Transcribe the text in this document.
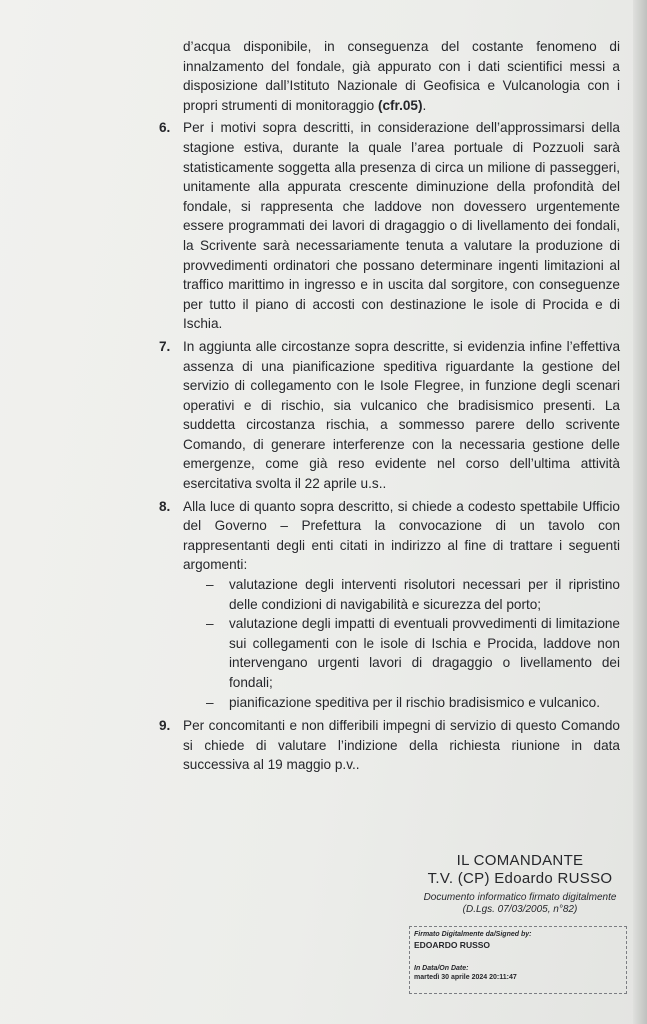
d’acqua disponibile, in conseguenza del costante fenomeno di innalzamento del fondale, già appurato con i dati scientifici messi a disposizione dall’Istituto Nazionale di Geofisica e Vulcanologia con i propri strumenti di monitoraggio (cfr.05).

6. Per i motivi sopra descritti, in considerazione dell’approssimarsi della stagione estiva, durante la quale l’area portuale di Pozzuoli sarà statisticamente soggetta alla presenza di circa un milione di passeggeri, unitamente alla appurata crescente diminuzione della profondità del fondale, si rappresenta che laddove non dovessero urgentemente essere programmati dei lavori di dragaggio o di livellamento dei fondali, la Scrivente sarà necessariamente tenuta a valutare la produzione di provvedimenti ordinatori che possano determinare ingenti limitazioni al traffico marittimo in ingresso e in uscita dal sorgitore, con conseguenze per tutto il piano di accosti con destinazione le isole di Procida e di Ischia.

7. In aggiunta alle circostanze sopra descritte, si evidenzia infine l’effettiva assenza di una pianificazione speditiva riguardante la gestione del servizio di collegamento con le Isole Flegree, in funzione degli scenari operativi e di rischio, sia vulcanico che bradisismico presenti. La suddetta circostanza rischia, a sommesso parere dello scrivente Comando, di generare interferenze con la necessaria gestione delle emergenze, come già reso evidente nel corso dell’ultima attività esercitativa svolta il 22 aprile u.s..

8. Alla luce di quanto sopra descritto, si chiede a codesto spettabile Ufficio del Governo – Prefettura la convocazione di un tavolo con rappresentanti degli enti citati in indirizzo al fine di trattare i seguenti argomenti:

– valutazione degli interventi risolutori necessari per il ripristino delle condizioni di navigabilità e sicurezza del porto;
– valutazione degli impatti di eventuali provvedimenti di limitazione sui collegamenti con le isole di Ischia e Procida, laddove non intervengano urgenti lavori di dragaggio o livellamento dei fondali;
– pianificazione speditiva per il rischio bradisismico e vulcanico.

9. Per concomitanti e non differibili impegni di servizio di questo Comando si chiede di valutare l’indizione della richiesta riunione in data successiva al 19 maggio p.v..

IL COMANDANTE
T.V. (CP) Edoardo RUSSO
Documento informatico firmato digitalmente
(D.Lgs. 07/03/2005, n°82)
Firmato Digitalmente da/Signed by:
EDOARDO RUSSO
In Data/On Date:
martedì 30 aprile 2024 20:11:47
